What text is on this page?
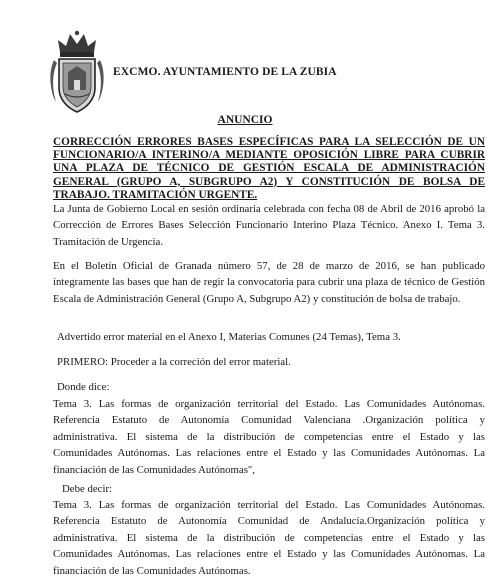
EXCMO. AYUNTAMIENTO DE LA ZUBIA
ANUNCIO
CORRECCIÓN ERRORES BASES ESPECÍFICAS PARA LA SELECCIÓN DE UN FUNCIONARIO/A INTERINO/A MEDIANTE OPOSICIÓN LIBRE PARA CUBRIR UNA PLAZA DE TÉCNICO DE GESTIÓN ESCALA DE ADMINISTRACIÓN GENERAL (GRUPO A, SUBGRUPO A2) Y CONSTITUCIÓN DE BOLSA DE TRABAJO. TRAMITACIÓN URGENTE.
La Junta de Gobierno Local en sesión ordinaria celebrada con fecha 08 de Abril de 2016 aprobó la Corrección de Errores Bases Selección Funcionario Interino Plaza Técnico. Anexo I. Tema 3. Tramitación de Urgencia.
En el Boletín Oficial de Granada número 57, de 28 de marzo de 2016, se han publicado íntegramente las bases que han de regir la convocatoria para cubrir una plaza de técnico de Gestión Escala de Administración General (Grupo A, Subgrupo A2) y constitución de bolsa de trabajo.
Advertido error material en el Anexo I, Materias Comunes (24 Temas), Tema 3.
PRIMERO: Proceder a la correción del error material.
Donde dice:
Tema 3. Las formas de organización territorial del Estado. Las Comunidades Autónomas.
Referencia Estatuto de Autonomía Comunidad Valenciana .Organización política y
administrativa. El sistema de la distribución de competencias entre el Estado y las
Comunidades Autónomas. Las relaciones entre el Estado y las Comunidades Autónomas. La
financiación de las Comunidades Autónomas",
Debe decir:
Tema 3. Las formas de organización territorial del Estado. Las Comunidades Autónomas.
Referencia Estatuto de Autonomía Comunidad de Andalucía.Organización política y
administrativa. El sistema de la distribución de competencias entre el Estado y las
Comunidades Autónomas. Las relaciones entre el Estado y las Comunidades Autónomas. La
financiación de las Comunidades Autónomas.
